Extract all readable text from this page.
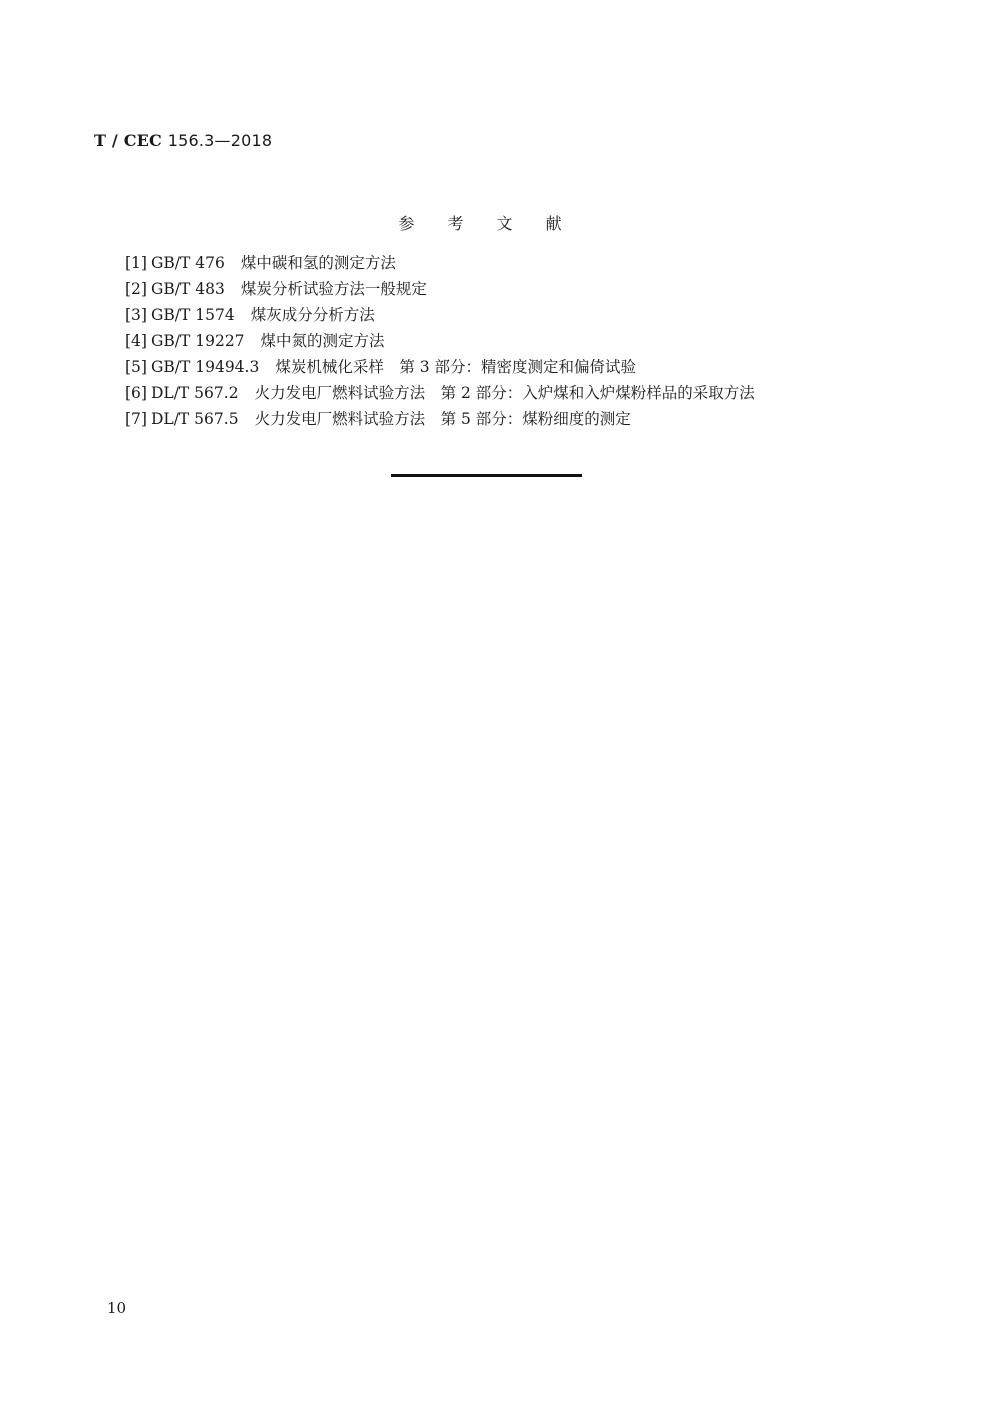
T / CEC 156.3—2018
参 考 文 献
[1] GB/T 476 煤中碳和氢的测定方法
[2] GB/T 483 煤炭分析试验方法一般规定
[3] GB/T 1574 煤灰成分分析方法
[4] GB/T 19227 煤中氮的测定方法
[5] GB/T 19494.3 煤炭机械化采样　第 3 部分：精密度测定和偏倚试验
[6] DL/T 567.2 火力发电厂燃料试验方法　第 2 部分：入炉煤和入炉煤粉样品的采取方法
[7] DL/T 567.5 火力发电厂燃料试验方法　第 5 部分：煤粉细度的测定
10
